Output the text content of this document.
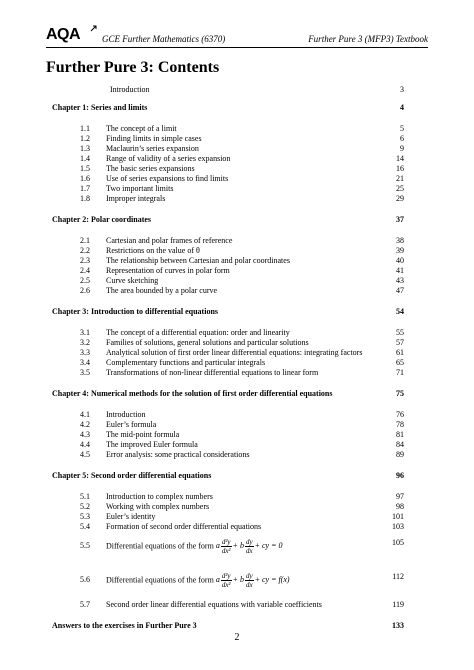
AQA GCE Further Mathematics (6370)	Further Pure 3 (MFP3) Textbook
Further Pure 3: Contents
Introduction	3
Chapter 1: Series and limits	4
1.1 The concept of a limit	5
1.2 Finding limits in simple cases	6
1.3 Maclaurin’s series expansion	9
1.4 Range of validity of a series expansion	14
1.5 The basic series expansions	16
1.6 Use of series expansions to find limits	21
1.7 Two important limits	25
1.8 Improper integrals	29
Chapter 2: Polar coordinates	37
2.1 Cartesian and polar frames of reference	38
2.2 Restrictions on the value of θ	39
2.3 The relationship between Cartesian and polar coordinates	40
2.4 Representation of curves in polar form	41
2.5 Curve sketching	43
2.6 The area bounded by a polar curve	47
Chapter 3: Introduction to differential equations	54
3.1 The concept of a differential equation: order and linearity	55
3.2 Families of solutions, general solutions and particular solutions	57
3.3 Analytical solution of first order linear differential equations: integrating factors	61
3.4 Complementary functions and particular integrals	65
3.5 Transformations of non-linear differential equations to linear form	71
Chapter 4: Numerical methods for the solution of first order differential equations	75
4.1 Introduction	76
4.2 Euler’s formula	78
4.3 The mid-point formula	81
4.4 The improved Euler formula	84
4.5 Error analysis: some practical considerations	89
Chapter 5: Second order differential equations	96
5.1 Introduction to complex numbers	97
5.2 Working with complex numbers	98
5.3 Euler’s identity	101
5.4 Formation of second order differential equations	103
5.5 Differential equations of the form a $\frac{\text{d²y}}{\text{dx²}} + b \frac{dy}{dx}$ + cy = 0	105
5.6 Differential equations of the form a $\frac{\text{d²y}}{\text{dx²}} + b \frac{dy}{dx}$ + cy = f(x)	112
5.7 Second order linear differential equations with variable coefficients	119
Answers to the exercises in Further Pure 3	133
2
